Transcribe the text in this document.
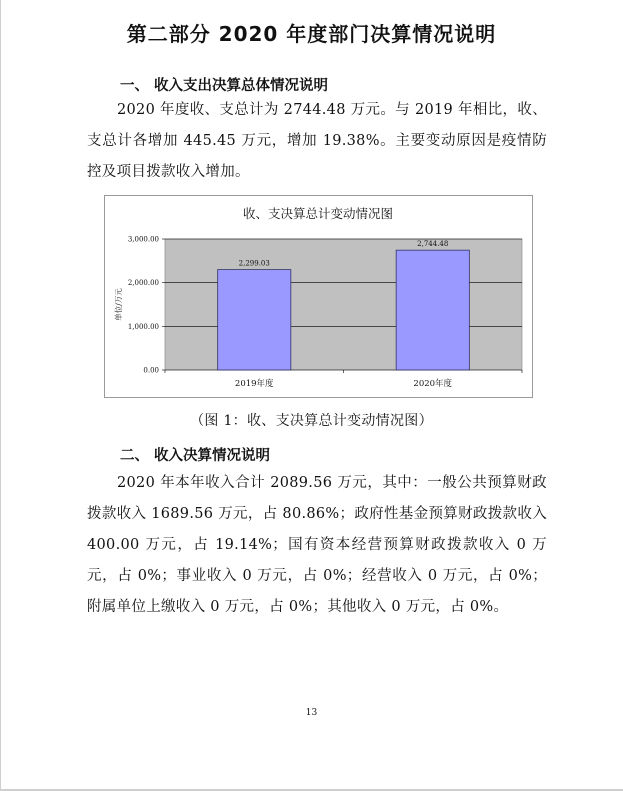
第二部分 2020 年度部门决算情况说明
一、 收入支出决算总体情况说明

2020 年度收、支总计为 2744.48 万元。与 2019 年相比，收、支总计各增加 445.45 万元，增加 19.38%。主要变动原因是疫情防控及项目拨款收入增加。

收、支决算总计变动情况图
0.00
1,000.00
2,000.00
3,000.00
2,299.03
2,744.48
2019年度	2020年度
单位/万元

（图 1：收、支决算总计变动情况图）

二、 收入决算情况说明

2020 年本年收入合计 2089.56 万元，其中：一般公共预算财政拨款收入 1689.56 万元，占 80.86%；政府性基金预算财政拨款收入 400.00 万元，占 19.14%；国有资本经营预算财政拨款收入 0 万元，占 0%；事业收入 0 万元，占 0%；经营收入 0 万元，占 0%；附属单位上缴收入 0 万元，占 0%；其他收入 0 万元，占 0%。

13
